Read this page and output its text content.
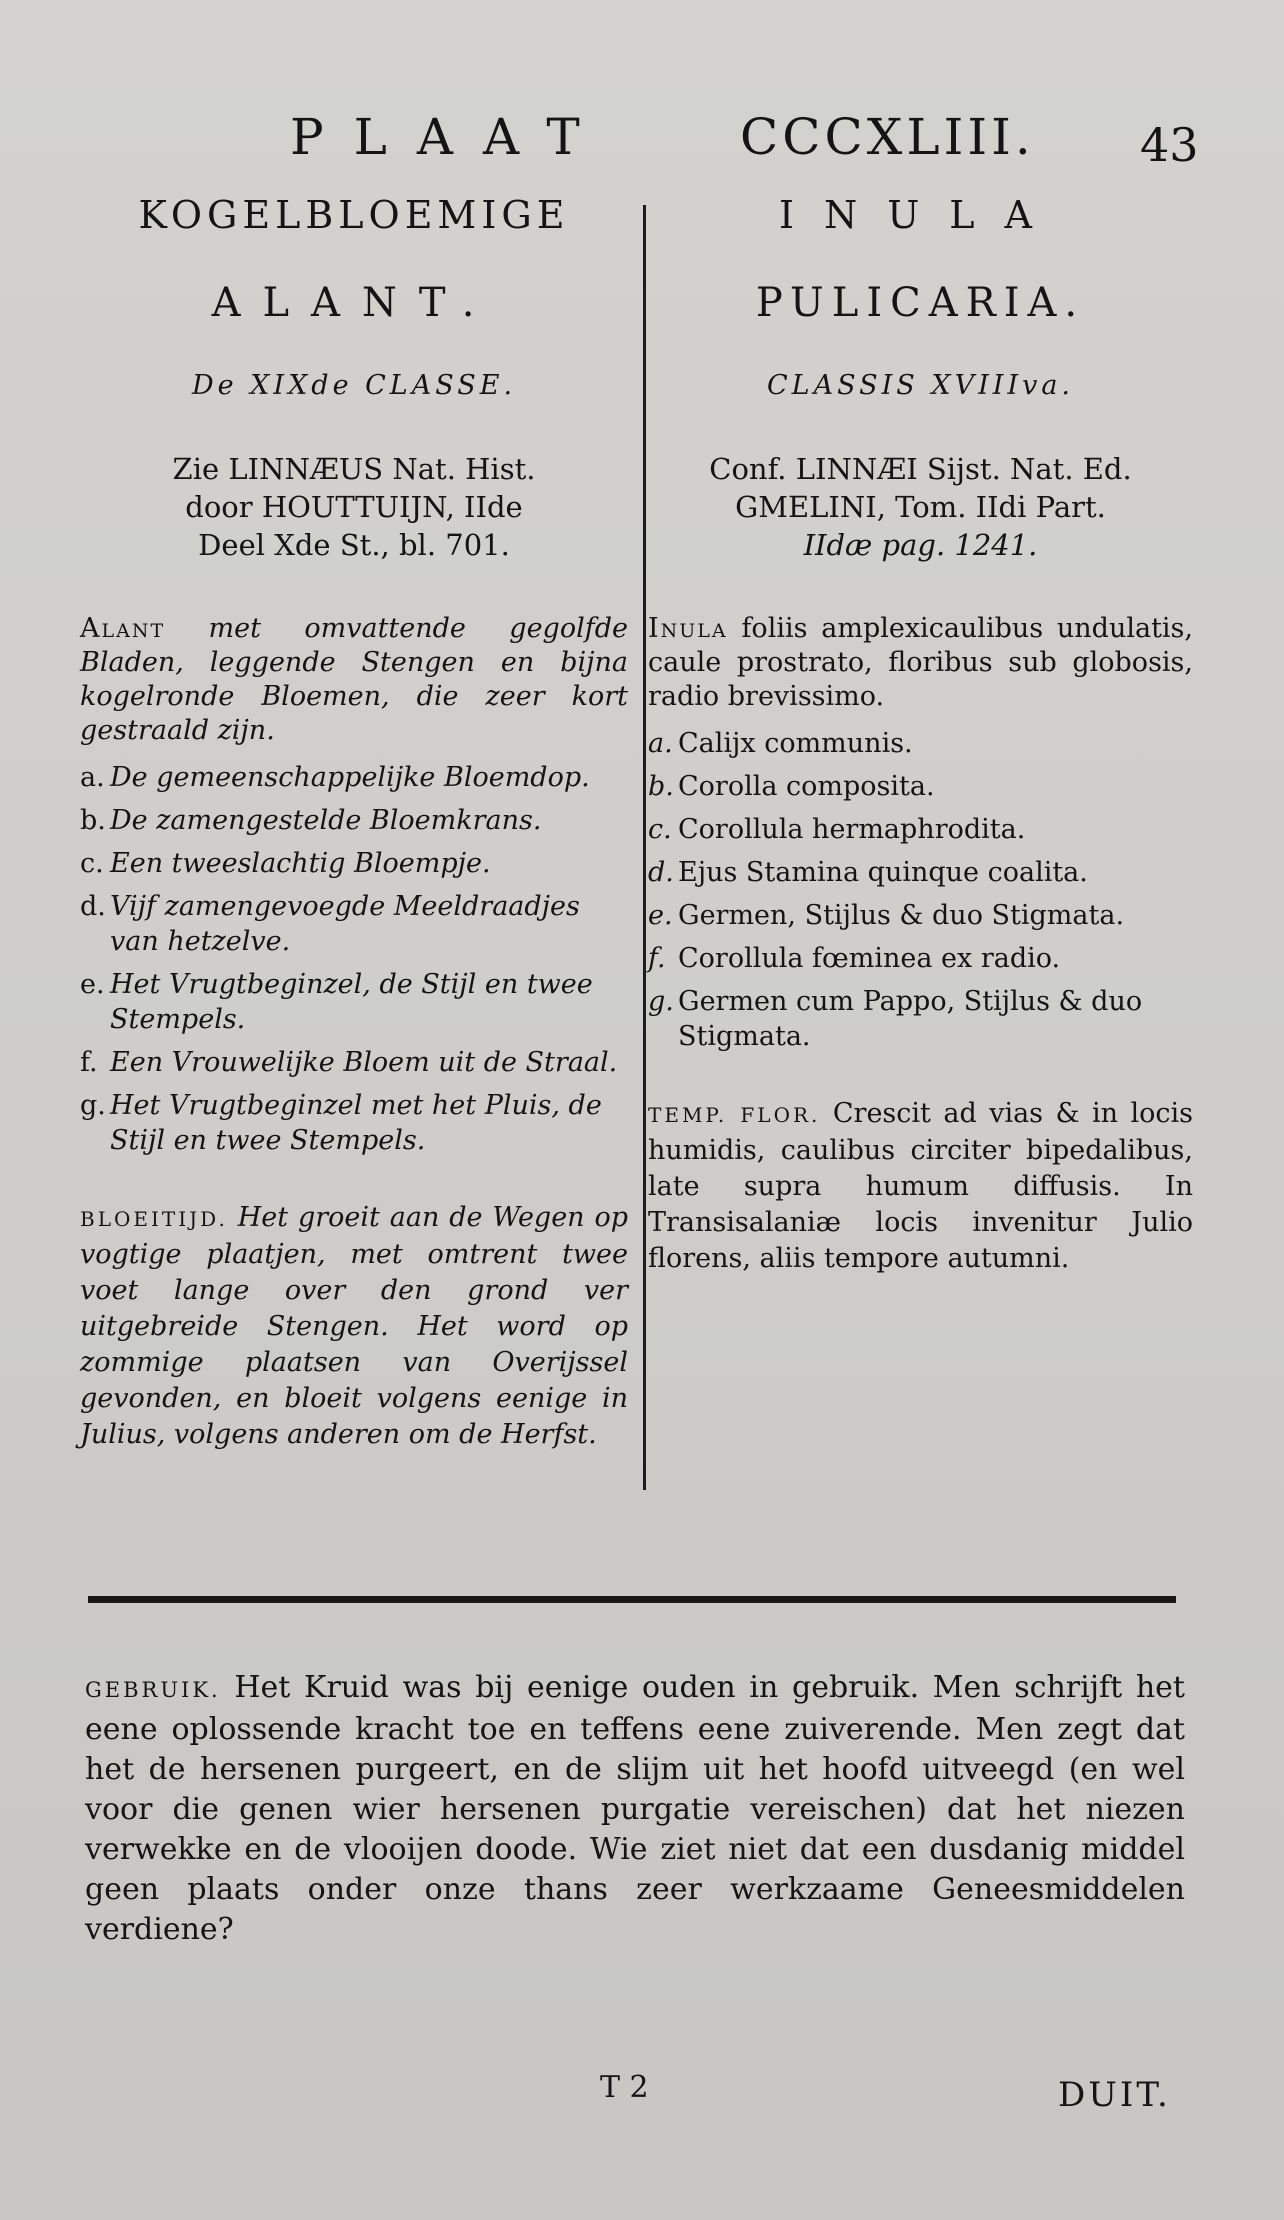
PLAAT	CCCXLIII. 43
KOGELBLOEMIGE
ALANT.
De XIXde CLASSE.
Zie LINNÆUS Nat. Hist.
door HOUTTUIJN, IIde
Deel Xde St., bl. 701.
Alant met omvattende gegolfde Bladen, leggende Stengen en bijna kogelronde Bloemen, die zeer kort gestraald zijn.
a. De gemeenschappelijke Bloemdop.
b. De zamengestelde Bloemkrans.
c. Een tweeslachtig Bloempje.
d. Vijf zamengevoegde Meeldraadjes van hetzelve.
e. Het Vrugtbeginzel, de Stijl en twee Stempels.
f. Een Vrouwelijke Bloem uit de Straal.
g. Het Vrugtbeginzel met het Pluis, de Stijl en twee Stempels.
BLOEITIJD. Het groeit aan de Wegen op vogtige plaatjen, met omtrent twee voet lange over den grond ver uitgebreide Stengen. Het word op zommige plaatsen van Overijssel gevonden, en bloeit volgens eenige in Julius, volgens anderen om de Herfst.
INULA
PULICARIA.
CLASSIS XVIIIva.
Conf. LINNÆI Sijst. Nat. Ed.
GMELINI, Tom. IIdi Part.
IIdæ pag. 1241.
Inula foliis amplexicaulibus undulatis, caule prostrato, floribus sub globosis, radio brevissimo.
a. Calijx communis.
b. Corolla composita.
c. Corollula hermaphrodita.
d. Ejus Stamina quinque coalita.
e. Germen, Stijlus & duo Stigmata.
f. Corollula fœminea ex radio.
g. Germen cum Pappo, Stijlus & duo Stigmata.
TEMP. FLOR. Crescit ad vias & in locis humidis, caulibus circiter bipedalibus, late supra humum diffusis. In Transisalaniæ locis invenitur Julio florens, aliis tempore autumni.
GEBRUIK. Het Kruid was bij eenige ouden in gebruik. Men schrijft het eene oplossende kracht toe en teffens eene zuiverende. Men zegt dat het de hersenen purgeert, en de slijm uit het hoofd uitveegd (en wel voor die genen wier hersenen purgatie vereischen) dat het niezen verwekke en de vlooijen doode. Wie ziet niet dat een dusdanig middel geen plaats onder onze thans zeer werkzaame Geneesmiddelen verdiene?
T 2	DUIT.
